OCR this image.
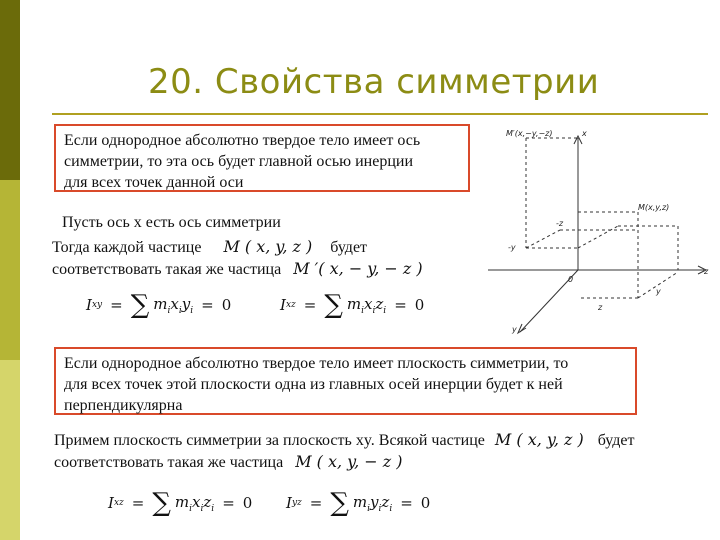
20. Свойства симметрии
Если однородное абсолютно твердое тело имеет ось
симметрии, то эта ось будет главной осью инерции
для всех точек данной оси
Пусть ось x есть ось симметрии
Тогда каждой частице M ( x, y, z ) будет
соответствовать такая же частица M ′( x, − y, − z )
I xy = ∑ $m_ix_iy_i = 0$	I xz = ∑ $m_ix_iz_i = 0$
M′(x,−y,−z)
M(x,y,z)
x
z
y
-y
-z
y
z
0
Если однородное абсолютно твердое тело имеет плоскость симметрии, то
для всех точек этой плоскости одна из главных осей инерции будет к ней
перпендикулярна
Примем плоскость симметрии за плоскость xy. Всякой частице M ( x, y, z ) будет
соответствовать такая же частица M ( x, y, − z )
I xz = ∑ $m_ix_iz_i = 0$ I yz = ∑ $m_iy_iz_i = 0$
